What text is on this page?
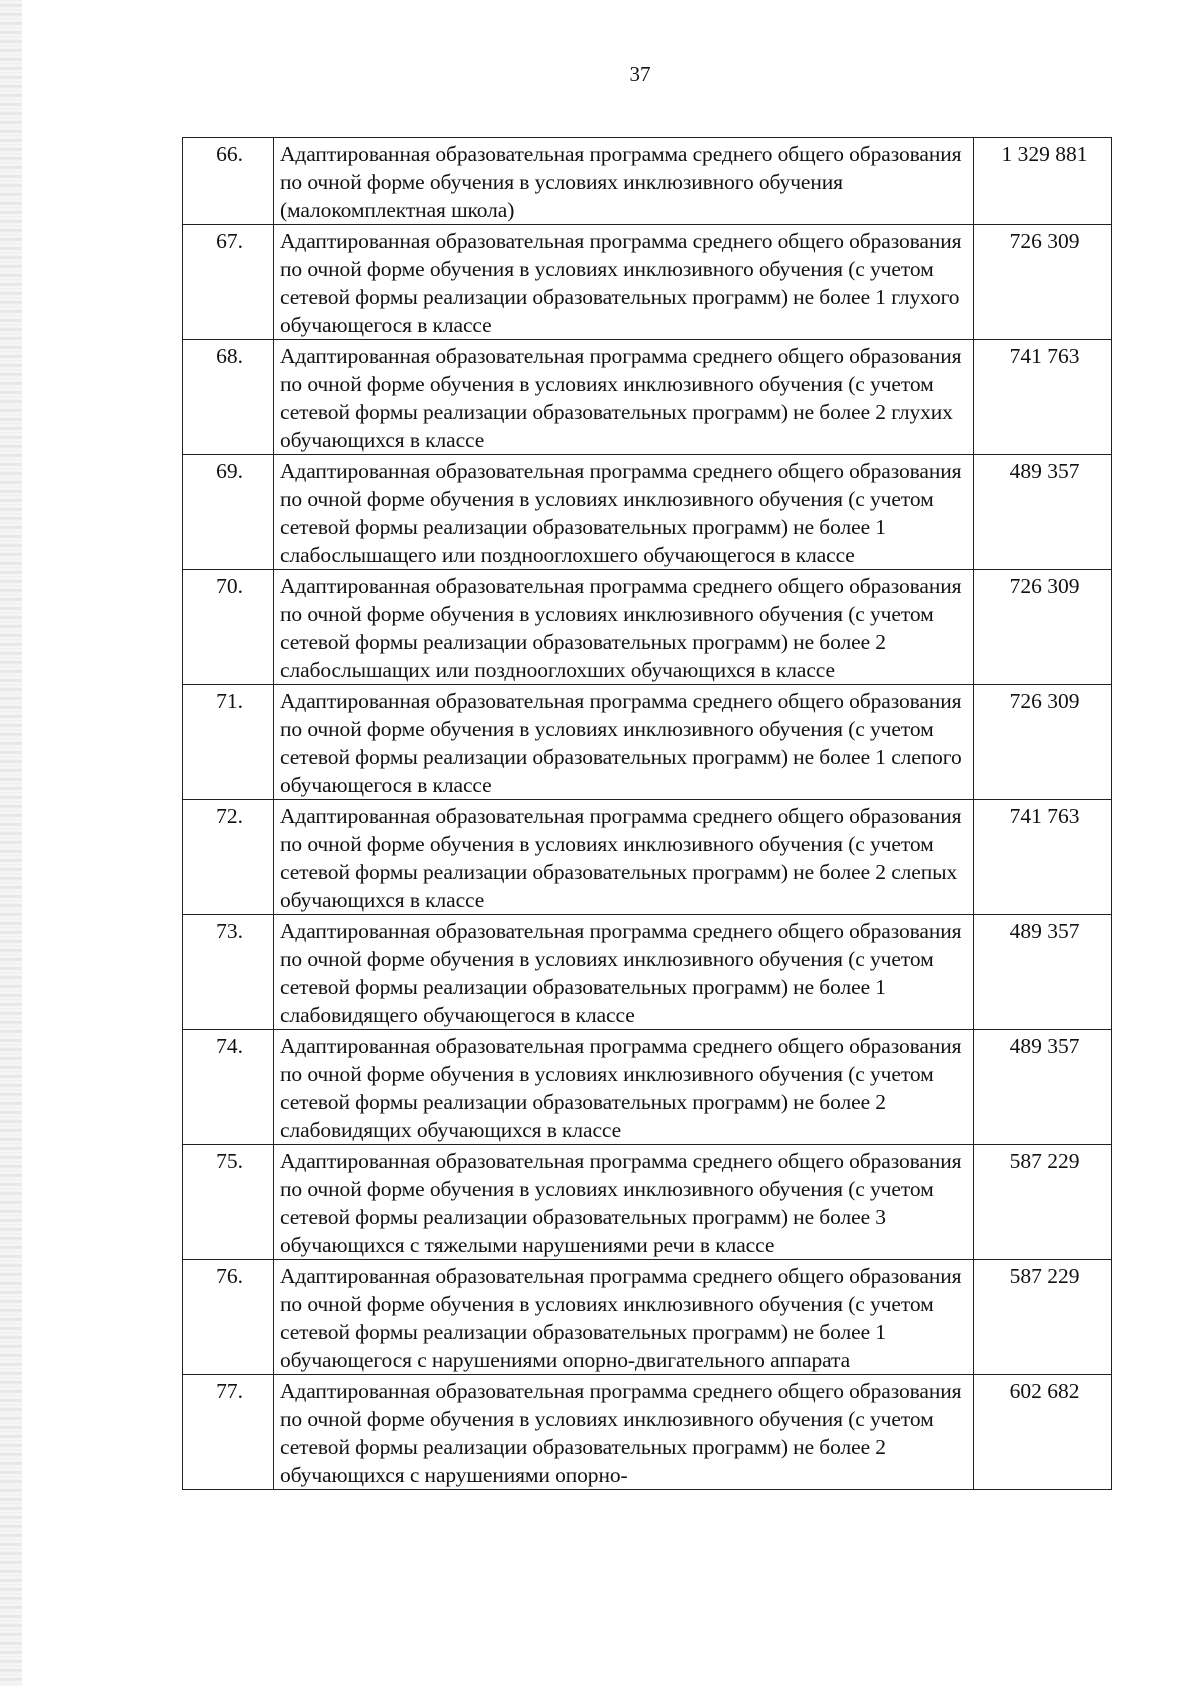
37
66.	Адаптированная образовательная программа среднего общего образования по очной форме обучения в условиях инклюзивного обучения (малокомплектная школа)	1 329 881
67.	Адаптированная образовательная программа среднего общего образования по очной форме обучения в условиях инклюзивного обучения (с учетом сетевой формы реализации образовательных программ) не более 1 глухого обучающегося в классе	726 309
68.	Адаптированная образовательная программа среднего общего образования по очной форме обучения в условиях инклюзивного обучения (с учетом сетевой формы реализации образовательных программ) не более 2 глухих обучающихся в классе	741 763
69.	Адаптированная образовательная программа среднего общего образования по очной форме обучения в условиях инклюзивного обучения (с учетом сетевой формы реализации образовательных программ) не более 1 слабослышащего или позднооглохшего обучающегося в классе	489 357
70.	Адаптированная образовательная программа среднего общего образования по очной форме обучения в условиях инклюзивного обучения (с учетом сетевой формы реализации образовательных программ) не более 2 слабослышащих или позднооглохших обучающихся в классе	726 309
71.	Адаптированная образовательная программа среднего общего образования по очной форме обучения в условиях инклюзивного обучения (с учетом сетевой формы реализации образовательных программ) не более 1 слепого обучающегося в классе	726 309
72.	Адаптированная образовательная программа среднего общего образования по очной форме обучения в условиях инклюзивного обучения (с учетом сетевой формы реализации образовательных программ) не более 2 слепых обучающихся в классе	741 763
73.	Адаптированная образовательная программа среднего общего образования по очной форме обучения в условиях инклюзивного обучения (с учетом сетевой формы реализации образовательных программ) не более 1 слабовидящего обучающегося в классе	489 357
74.	Адаптированная образовательная программа среднего общего образования по очной форме обучения в условиях инклюзивного обучения (с учетом сетевой формы реализации образовательных программ) не более 2 слабовидящих обучающихся в классе	489 357
75.	Адаптированная образовательная программа среднего общего образования по очной форме обучения в условиях инклюзивного обучения (с учетом сетевой формы реализации образовательных программ) не более 3 обучающихся с тяжелыми нарушениями речи в классе	587 229
76.	Адаптированная образовательная программа среднего общего образования по очной форме обучения в условиях инклюзивного обучения (с учетом сетевой формы реализации образовательных программ) не более 1 обучающегося с нарушениями опорно-двигательного аппарата	587 229
77.	Адаптированная образовательная программа среднего общего образования по очной форме обучения в условиях инклюзивного обучения (с учетом сетевой формы реализации образовательных программ) не более 2 обучающихся с нарушениями опорно-	602 682
